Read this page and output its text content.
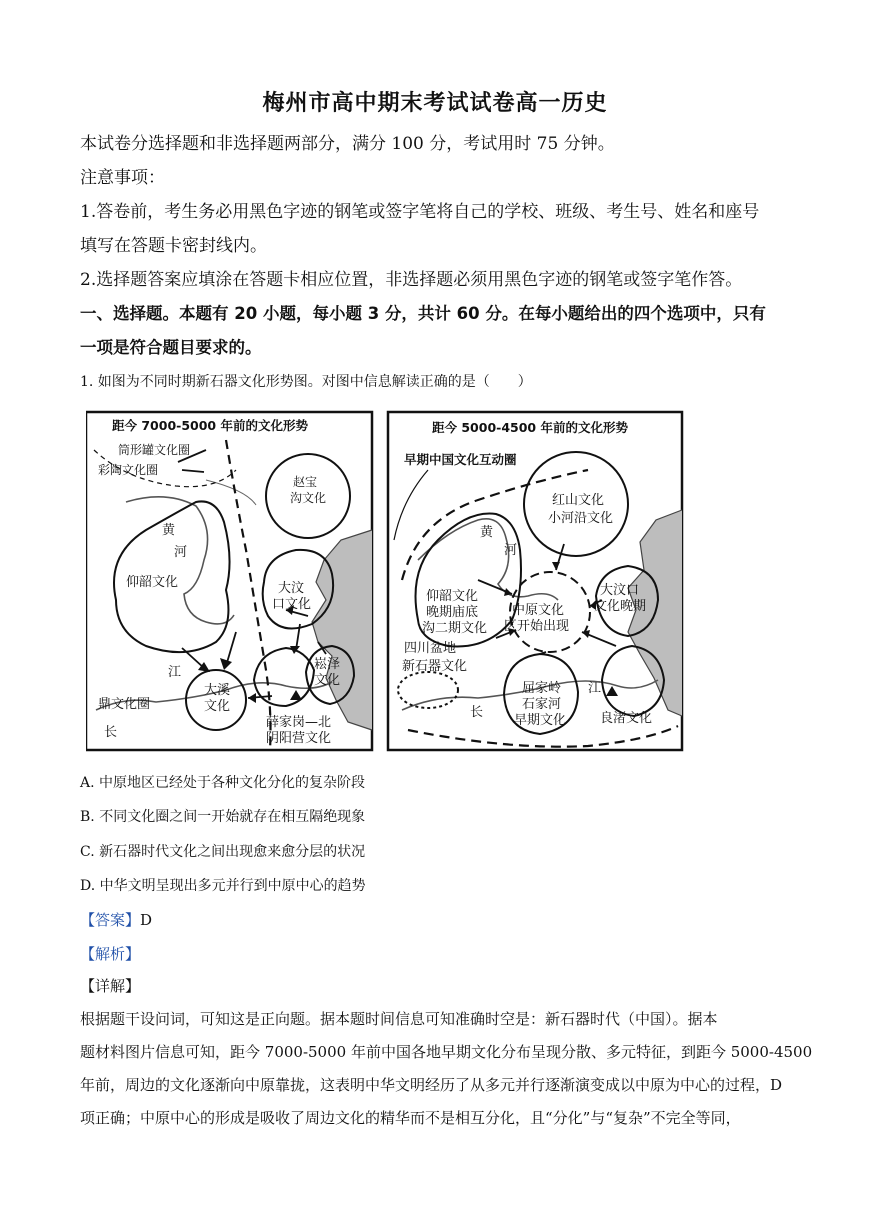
梅州市高中期末考试试卷高一历史
本试卷分选择题和非选择题两部分，满分 100 分，考试用时 75 分钟。
注意事项：
1.答卷前，考生务必用黑色字迹的钢笔或签字笔将自己的学校、班级、考生号、姓名和座号
填写在答题卡密封线内。
2.选择题答案应填涂在答题卡相应位置，非选择题必须用黑色字迹的钢笔或签字笔作答。
一、选择题。本题有 20 小题，每小题 3 分，共计 60 分。在每小题给出的四个选项中，只有
一项是符合题目要求的。
1. 如图为不同时期新石器文化形势图。对图中信息解读正确的是（　　）
距今 7000-5000 年前的文化形势
筒形罐文化圈
彩陶文化圈
赵宝
沟文化
黄
河
仰韶文化	大汶
口文化
江
大溪
文化
崧泽
文化
鼎文化圈
长
薛家岗—北
阴阳营文化
距今 5000-4500 年前的文化形势
早期中国文化互动圈
红山文化
小河沿文化
黄
河
仰韶文化
晚期庙底
沟二期文化
中原文化
区开始出现
大汶口
文化晚期
四川盆地
新石器文化
屈家岭
石家河
早期文化
江
长	良渚文化
A. 中原地区已经处于各种文化分化的复杂阶段
B. 不同文化圈之间一开始就存在相互隔绝现象
C. 新石器时代文化之间出现愈来愈分层的状况
D. 中华文明呈现出多元并行到中原中心的趋势
【答案】D
【解析】
【详解】
根据题干设问词，可知这是正向题。据本题时间信息可知准确时空是：新石器时代（中国）。据本
题材料图片信息可知，距今 7000-5000 年前中国各地早期文化分布呈现分散、多元特征，到距今 5000-4500
年前，周边的文化逐渐向中原靠拢，这表明中华文明经历了从多元并行逐渐演变成以中原为中心的过程，D
项正确；中原中心的形成是吸收了周边文化的精华而不是相互分化，且“分化”与“复杂”不完全等同，
